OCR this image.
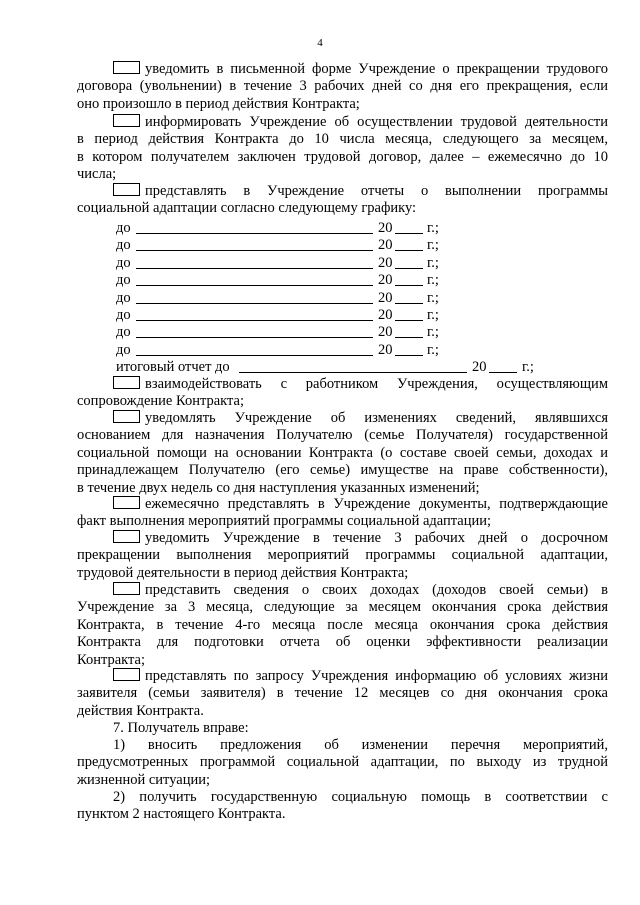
4
уведомить в письменной форме Учреждение о прекращении трудового
договора (увольнении) в течение 3 рабочих дней со дня его прекращения, если
оно произошло в период действия Контракта;
информировать Учреждение об осуществлении трудовой деятельности
в период действия Контракта до 10 числа месяца, следующего за месяцем,
в котором получателем заключен трудовой договор, далее – ежемесячно до 10
числа;
представлять в Учреждение отчеты о выполнении программы
социальной адаптации согласно следующему графику:
взаимодействовать с работником Учреждения, осуществляющим
сопровождение Контракта;
уведомлять Учреждение об изменениях сведений, являвшихся
основанием для назначения Получателю (семье Получателя) государственной
социальной помощи на основании Контракта (о составе своей семьи, доходах и
принадлежащем Получателю (его семье) имуществе на праве собственности),
в течение двух недель со дня наступления указанных изменений;
ежемесячно представлять в Учреждение документы, подтверждающие
факт выполнения мероприятий программы социальной адаптации;
уведомить Учреждение в течение 3 рабочих дней о досрочном
прекращении выполнения мероприятий программы социальной адаптации,
трудовой деятельности в период действия Контракта;
представить сведения о своих доходах (доходов своей семьи) в
Учреждение за 3 месяца, следующие за месяцем окончания срока действия
Контракта, в течение 4-го месяца после месяца окончания срока действия
Контракта для подготовки отчета об оценки эффективности реализации
Контракта;
представлять по запросу Учреждения информацию об условиях жизни
заявителя (семьи заявителя) в течение 12 месяцев со дня окончания срока
действия Контракта.
7. Получатель вправе:
1) вносить предложения об изменении перечня мероприятий,
предусмотренных программой социальной адаптации, по выходу из трудной
жизненной ситуации;
2) получить государственную социальную помощь в соответствии с
пунктом 2 настоящего Контракта.
до	20 г.;
до	20 г.;
до	20 г.;
до	20 г.;
до	20 г.;
до	20 г.;
до	20 г.;
до	20 г.;
итоговый отчет до	20 г.;
